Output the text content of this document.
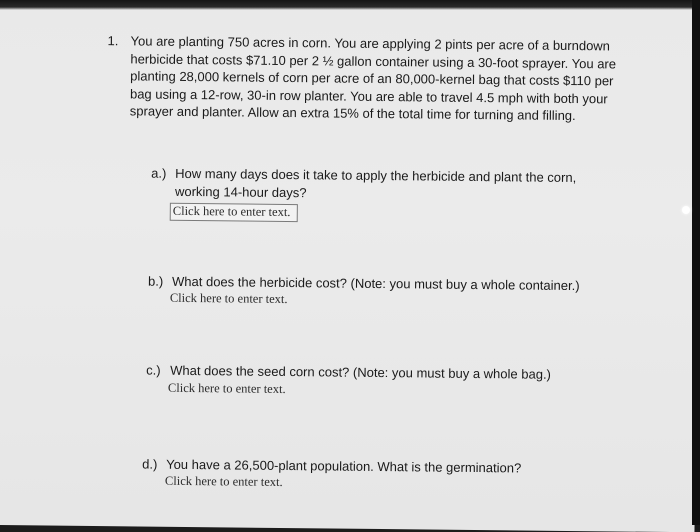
1. You are planting 750 acres in corn. You are applying 2 pints per acre of a burndown herbicide that costs $71.10 per 2 ½ gallon container using a 30-foot sprayer. You are planting 28,000 kernels of corn per acre of an 80,000-kernel bag that costs $110 per bag using a 12-row, 30-in row planter. You are able to travel 4.5 mph with both your sprayer and planter. Allow an extra 15% of the total time for turning and filling.
a.) How many days does it take to apply the herbicide and plant the corn, working 14-hour days?
Click here to enter text.
b.) What does the herbicide cost? (Note: you must buy a whole container.)
Click here to enter text.
c.) What does the seed corn cost? (Note: you must buy a whole bag.)
Click here to enter text.
d.) You have a 26,500-plant population. What is the germination?
Click here to enter text.
